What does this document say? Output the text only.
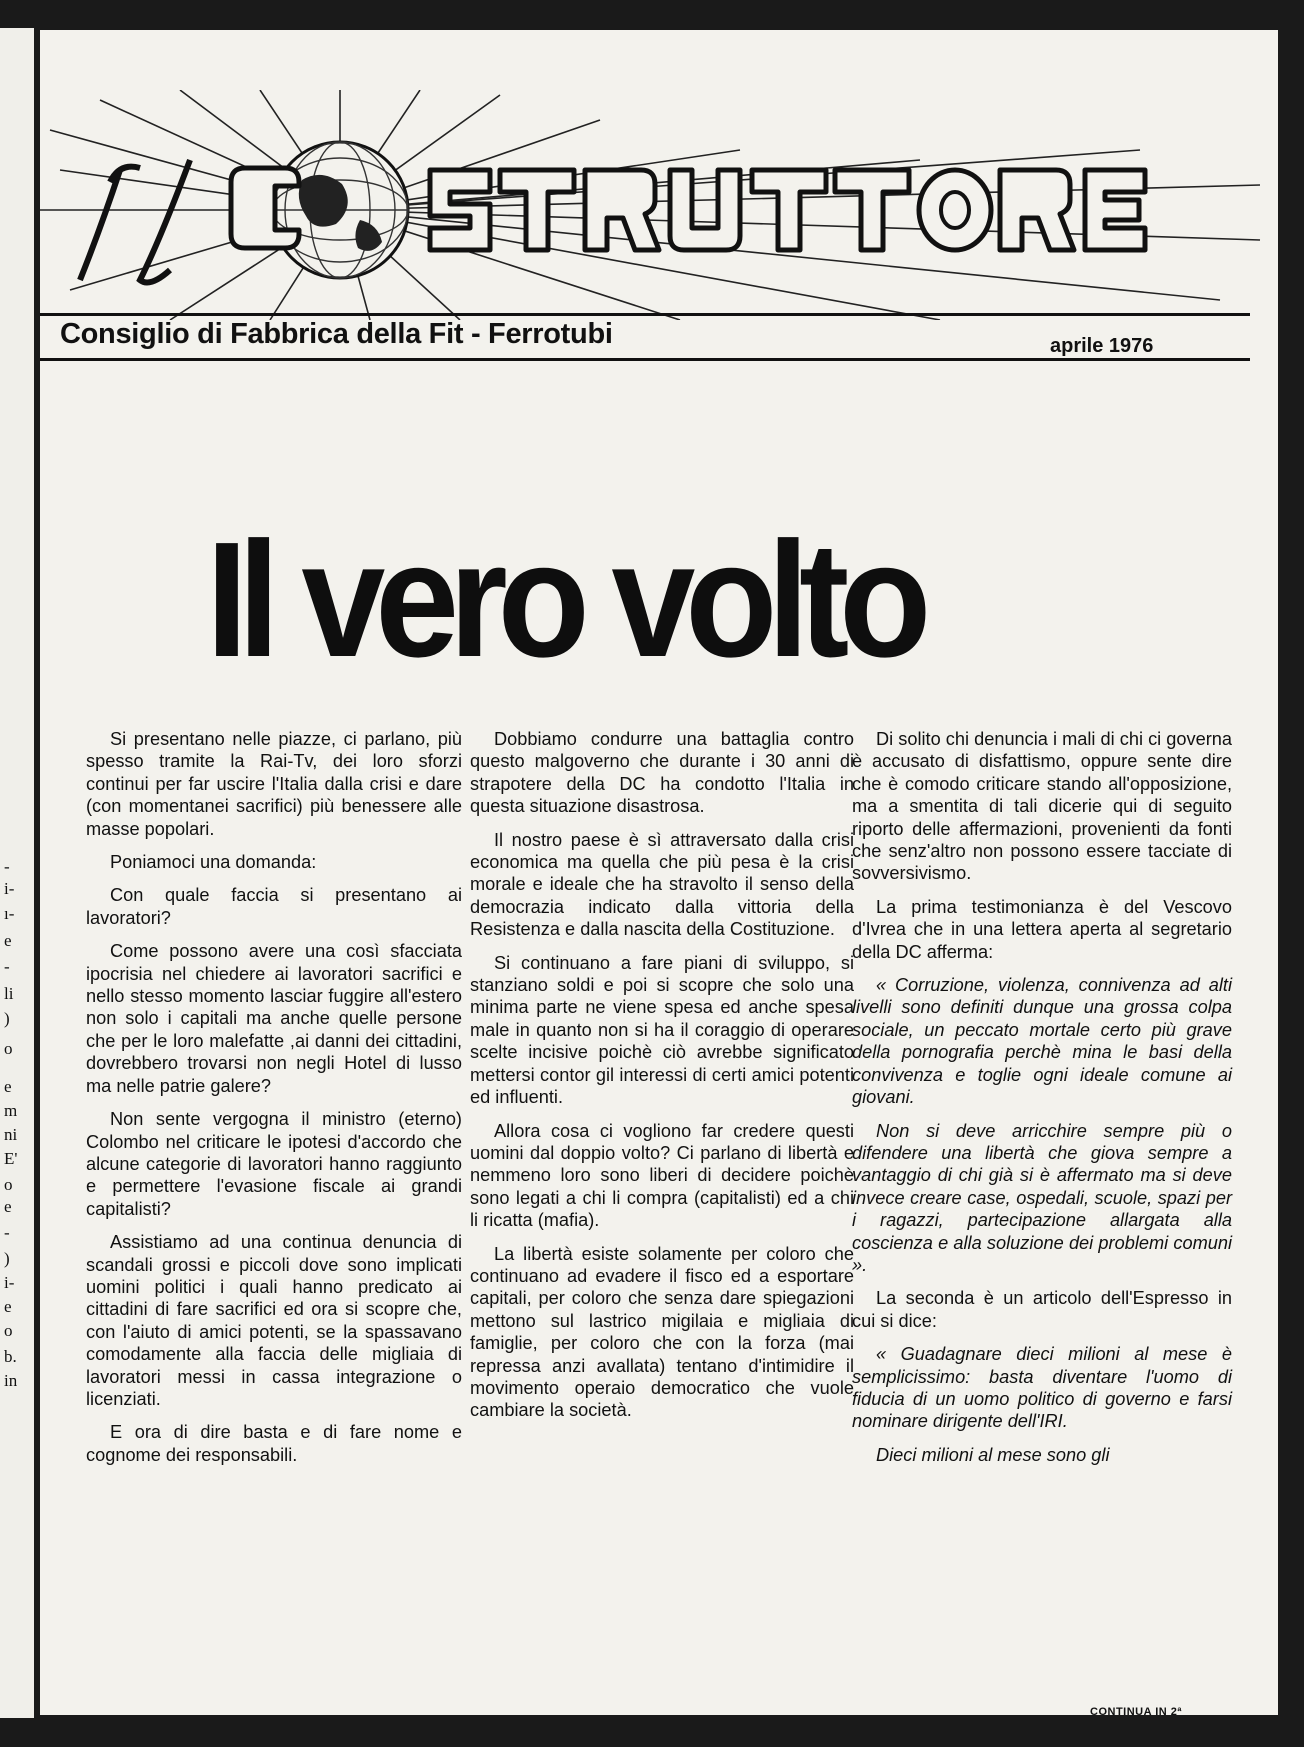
-
i-
ı-
e
-
li
)
o
e
m
ni
E'
o
e
-
)
i-
e
o
b.
in
Consiglio di Fabbrica della Fit - Ferrotubi	aprile 1976
Il vero volto

Si presentano nelle piazze, ci parlano, più spesso tramite la Rai-Tv, dei loro sforzi continui per far uscire l'Italia dalla crisi e dare (con momentanei sacrifici) più benessere alle masse popolari.

Poniamoci una domanda:

Con quale faccia si presentano ai lavoratori?

Come possono avere una così sfacciata ipocrisia nel chiedere ai lavoratori sacrifici e nello stesso momento lasciar fuggire all'estero non solo i capitali ma anche quelle persone che per le loro malefatte ,ai danni dei cittadini, dovrebbero trovarsi non negli Hotel di lusso ma nelle patrie galere?

Non sente vergogna il ministro (eterno) Colombo nel criticare le ipotesi d'accordo che alcune categorie di lavoratori hanno raggiunto e permettere l'evasione fiscale ai grandi capitalisti?

Assistiamo ad una continua denuncia di scandali grossi e piccoli dove sono implicati uomini politici i quali hanno predicato ai cittadini di fare sacrifici ed ora si scopre che, con l'aiuto di amici potenti, se la spassavano comodamente alla faccia delle migliaia di lavoratori messi in cassa integrazione o licenziati.

E ora di dire basta e di fare nome e cognome dei responsabili.

Dobbiamo condurre una battaglia contro questo malgoverno che durante i 30 anni di strapotere della DC ha condotto l'Italia in questa situazione disastrosa.

Il nostro paese è sì attraversato dalla crisi economica ma quella che più pesa è la crisi morale e ideale che ha stravolto il senso della democrazia indicato dalla vittoria della Resistenza e dalla nascita della Costituzione.

Si continuano a fare piani di sviluppo, si stanziano soldi e poi si scopre che solo una minima parte ne viene spesa ed anche spesa male in quanto non si ha il coraggio di operare scelte incisive poichè ciò avrebbe significato mettersi contor gil interessi di certi amici potenti ed influenti.

Allora cosa ci vogliono far credere questi uomini dal doppio volto? Ci parlano di libertà e nemmeno loro sono liberi di decidere poichè sono legati a chi li compra (capitalisti) ed a chi li ricatta (mafia).

La libertà esiste solamente per coloro che continuano ad evadere il fisco ed a esportare capitali, per coloro che senza dare spiegazioni mettono sul lastrico migilaia e migliaia di famiglie, per coloro che con la forza (mai repressa anzi avallata) tentano d'intimidire il movimento operaio democratico che vuole cambiare la società.

Di solito chi denuncia i mali di chi ci governa è accusato di disfattismo, oppure sente dire che è comodo criticare stando all'opposizione, ma a smentita di tali dicerie qui di seguito riporto delle affermazioni, provenienti da fonti che senz'altro non possono essere tacciate di sovversivismo.

La prima testimonianza è del Vescovo d'Ivrea che in una lettera aperta al segretario della DC afferma:

« Corruzione, violenza, connivenza ad alti livelli sono definiti dunque una grossa colpa sociale, un peccato mortale certo più grave della pornografia perchè mina le basi della convivenza e toglie ogni ideale comune ai giovani.

Non si deve arricchire sempre più o difendere una libertà che giova sempre a vantaggio di chi già si è affermato ma si deve invece creare case, ospedali, scuole, spazi per i ragazzi, partecipazione allargata alla coscienza e alla soluzione dei problemi comuni ».

La seconda è un articolo dell'Espresso in cui si dice:

« Guadagnare dieci milioni al mese è semplicissimo: basta diventare l'uomo di fiducia di un uomo politico di governo e farsi nominare dirigente dell'IRI.

Dieci milioni al mese sono gli

CONTINUA IN 2ª
